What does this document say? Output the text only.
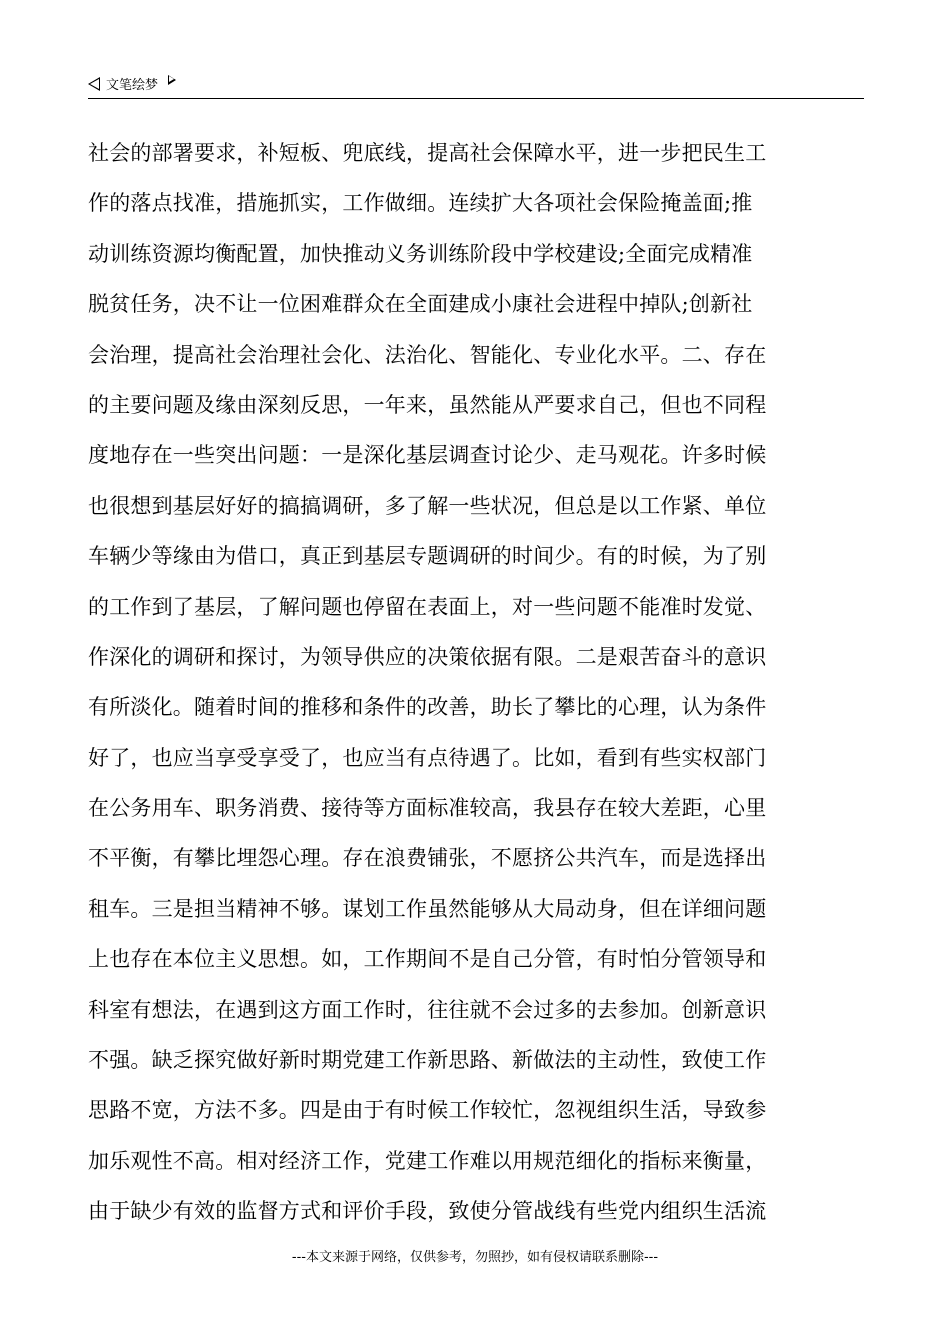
文笔绘梦
社会的部署要求，补短板、兜底线，提高社会保障水平，进一步把民生工
作的落点找准，措施抓实，工作做细。连续扩大各项社会保险掩盖面;推
动训练资源均衡配置，加快推动义务训练阶段中学校建设;全面完成精准
脱贫任务，决不让一位困难群众在全面建成小康社会进程中掉队;创新社
会治理，提高社会治理社会化、法治化、智能化、专业化水平。二、存在
的主要问题及缘由深刻反思，一年来，虽然能从严要求自己，但也不同程
度地存在一些突出问题：一是深化基层调查讨论少、走马观花。许多时候
也很想到基层好好的搞搞调研，多了解一些状况，但总是以工作紧、单位
车辆少等缘由为借口，真正到基层专题调研的时间少。有的时候，为了别
的工作到了基层，了解问题也停留在表面上，对一些问题不能准时发觉、
作深化的调研和探讨，为领导供应的决策依据有限。二是艰苦奋斗的意识
有所淡化。随着时间的推移和条件的改善，助长了攀比的心理，认为条件
好了，也应当享受享受了，也应当有点待遇了。比如，看到有些实权部门
在公务用车、职务消费、接待等方面标准较高，我县存在较大差距，心里
不平衡，有攀比埋怨心理。存在浪费铺张，不愿挤公共汽车，而是选择出
租车。三是担当精神不够。谋划工作虽然能够从大局动身，但在详细问题
上也存在本位主义思想。如，工作期间不是自己分管，有时怕分管领导和
科室有想法，在遇到这方面工作时，往往就不会过多的去参加。创新意识
不强。缺乏探究做好新时期党建工作新思路、新做法的主动性，致使工作
思路不宽，方法不多。四是由于有时候工作较忙，忽视组织生活，导致参
加乐观性不高。相对经济工作，党建工作难以用规范细化的指标来衡量，
由于缺少有效的监督方式和评价手段，致使分管战线有些党内组织生活流
---本文来源于网络，仅供参考，勿照抄，如有侵权请联系删除---
